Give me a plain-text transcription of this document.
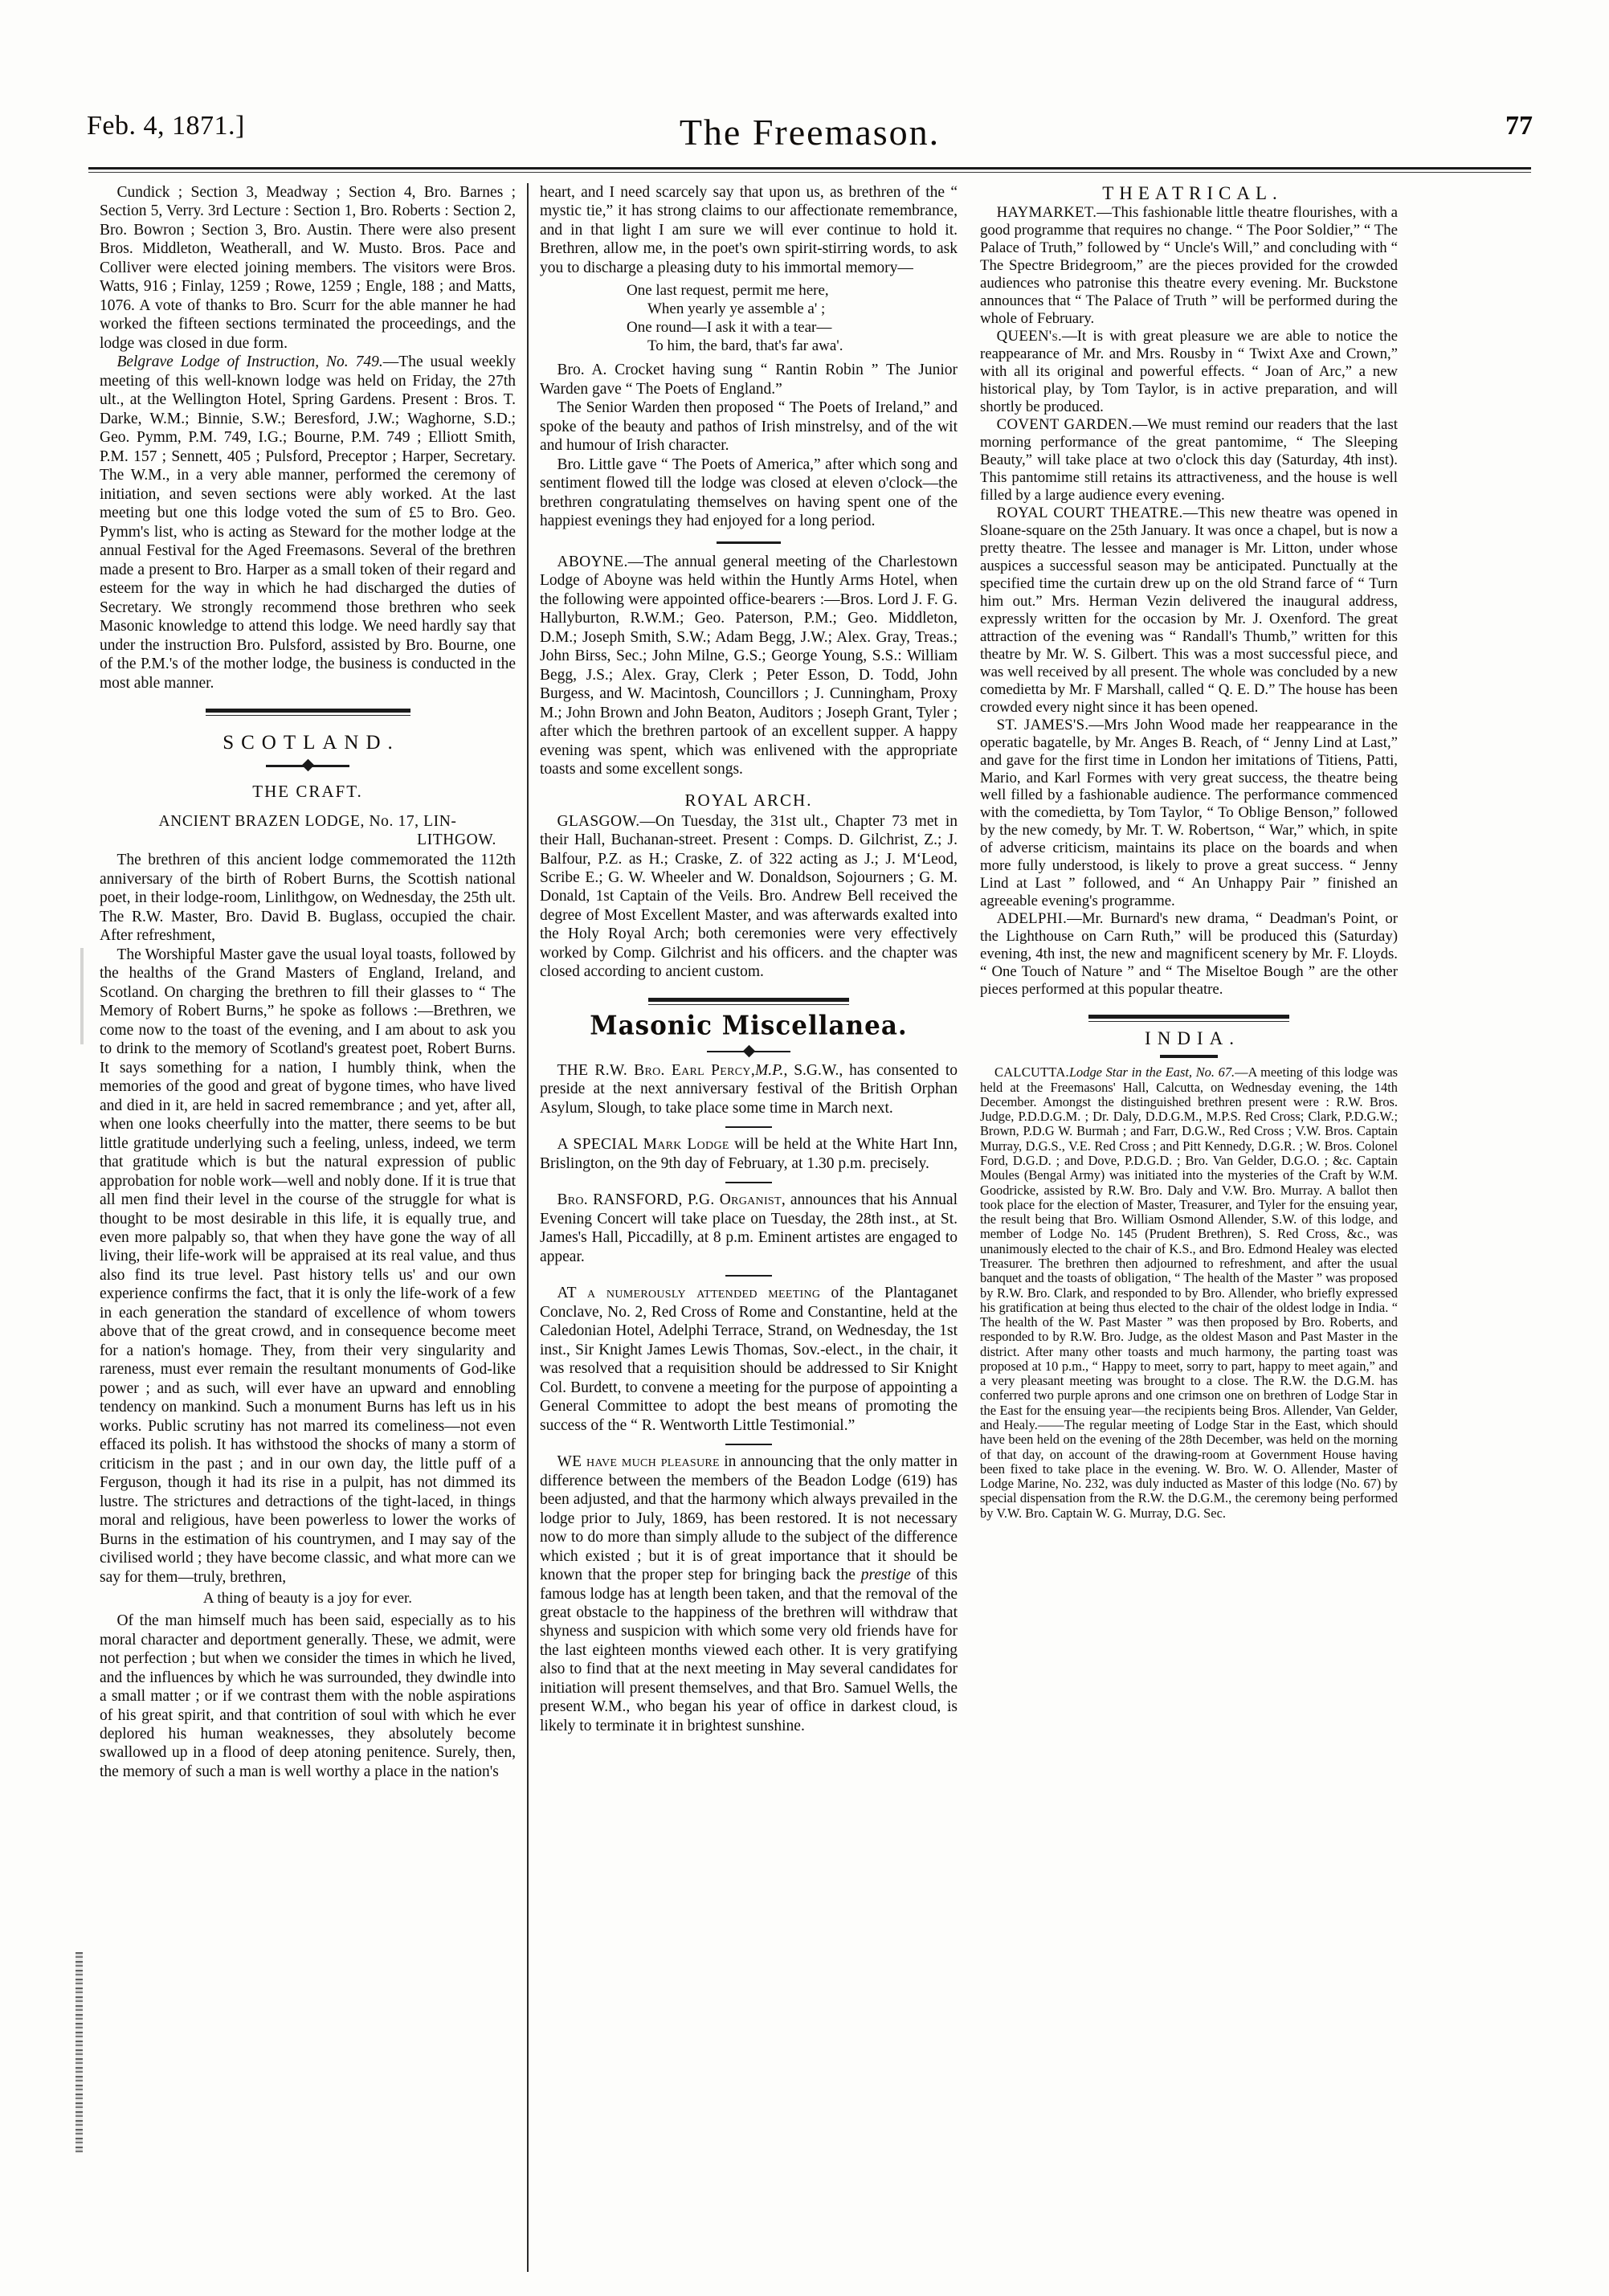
Feb. 4, 1871.]	The Freemason.	77

Cundick ; Section 3, Meadway ; Section 4, Bro. Barnes ; Section 5, Verry. 3rd Lecture : Section 1, Bro. Roberts : Section 2, Bro. Bowron ; Section 3, Bro. Austin. There were also present Bros. Middleton, Weatherall, and W. Musto. Bros. Pace and Colliver were elected joining members. The visitors were Bros. Watts, 916 ; Finlay, 1259 ; Rowe, 1259 ; Engle, 188 ; and Matts, 1076. A vote of thanks to Bro. Scurr for the able manner he had worked the fifteen sections terminated the proceedings, and the lodge was closed in due form.

Belgrave Lodge of Instruction, No. 749.—The usual weekly meeting of this well-known lodge was held on Friday, the 27th ult., at the Wellington Hotel, Spring Gardens. Present : Bros. T. Darke, W.M.; Binnie, S.W.; Beresford, J.W.; Waghorne, S.D.; Geo. Pymm, P.M. 749, I.G.; Bourne, P.M. 749 ; Elliott Smith, P.M. 157 ; Sennett, 405 ; Pulsford, Preceptor ; Harper, Secretary. The W.M., in a very able manner, performed the ceremony of initiation, and seven sections were ably worked. At the last meeting but one this lodge voted the sum of £5 to Bro. Geo. Pymm's list, who is acting as Steward for the mother lodge at the annual Festival for the Aged Freemasons. Several of the brethren made a present to Bro. Harper as a small token of their regard and esteem for the way in which he had discharged the duties of Secretary. We strongly recommend those brethren who seek Masonic knowledge to attend this lodge. We need hardly say that under the instruction Bro. Pulsford, assisted by Bro. Bourne, one of the P.M.'s of the mother lodge, the business is conducted in the most able manner.

SCOTLAND.
THE CRAFT.
ANCIENT BRAZEN LODGE, No. 17, LIN-
LITHGOW.

The brethren of this ancient lodge commemorated the 112th anniversary of the birth of Robert Burns, the Scottish national poet, in their lodge-room, Linlithgow, on Wednesday, the 25th ult. The R.W. Master, Bro. David B. Buglass, occupied the chair. After refreshment,

The Worshipful Master gave the usual loyal toasts, followed by the healths of the Grand Masters of England, Ireland, and Scotland. On charging the brethren to fill their glasses to “ The Memory of Robert Burns,” he spoke as follows :—Brethren, we come now to the toast of the evening, and I am about to ask you to drink to the memory of Scotland's greatest poet, Robert Burns. It says something for a nation, I humbly think, when the memories of the good and great of bygone times, who have lived and died in it, are held in sacred remembrance ; and yet, after all, when one looks cheerfully into the matter, there seems to be but little gratitude underlying such a feeling, unless, indeed, we term that gratitude which is but the natural expression of public approbation for noble work—well and nobly done. If it is true that all men find their level in the course of the struggle for what is thought to be most desirable in this life, it is equally true, and even more palpably so, that when they have gone the way of all living, their life-work will be appraised at its real value, and thus also find its true level. Past history tells us' and our own experience confirms the fact, that it is only the life-work of a few in each generation the standard of excellence of whom towers above that of the great crowd, and in consequence become meet for a nation's homage. They, from their very singularity and rareness, must ever remain the resultant monuments of God-like power ; and as such, will ever have an upward and ennobling tendency on mankind. Such a monument Burns has left us in his works. Public scrutiny has not marred its comeliness—not even effaced its polish. It has withstood the shocks of many a storm of criticism in the past ; and in our own day, the little puff of a Ferguson, though it had its rise in a pulpit, has not dimmed its lustre. The strictures and detractions of the tight-laced, in things moral and religious, have been powerless to lower the works of Burns in the estimation of his countrymen, and I may say of the civilised world ; they have become classic, and what more can we say for them—truly, brethren,

A thing of beauty is a joy for ever.

Of the man himself much has been said, especially as to his moral character and deportment generally. These, we admit, were not perfection ; but when we consider the times in which he lived, and the influences by which he was surrounded, they dwindle into a small matter ; or if we contrast them with the noble aspirations of his great spirit, and that contrition of soul with which he ever deplored his human weaknesses, they absolutely become swallowed up in a flood of deep atoning penitence. Surely, then, the memory of such a man is well worthy a place in the nation's

heart, and I need scarcely say that upon us, as brethren of the “ mystic tie,” it has strong claims to our affectionate remembrance, and in that light I am sure we will ever continue to hold it. Brethren, allow me, in the poet's own spirit-stirring words, to ask you to discharge a pleasing duty to his immortal memory—

One last request, permit me here,
When yearly ye assemble a' ;
One round—I ask it with a tear—
To him, the bard, that's far awa'.

Bro. A. Crocket having sung “ Rantin Robin ” The Junior Warden gave “ The Poets of England.”

The Senior Warden then proposed “ The Poets of Ireland,” and spoke of the beauty and pathos of Irish minstrelsy, and of the wit and humour of Irish character.

Bro. Little gave “ The Poets of America,” after which song and sentiment flowed till the lodge was closed at eleven o'clock—the brethren congratulating themselves on having spent one of the happiest evenings they had enjoyed for a long period.

ABOYNE.—The annual general meeting of the Charlestown Lodge of Aboyne was held within the Huntly Arms Hotel, when the following were appointed office-bearers :—Bros. Lord J. F. G. Hallyburton, R.W.M.; Geo. Paterson, P.M.; Geo. Middleton, D.M.; Joseph Smith, S.W.; Adam Begg, J.W.; Alex. Gray, Treas.; John Birss, Sec.; John Milne, G.S.; George Young, S.S.: William Begg, J.S.; Alex. Gray, Clerk ; Peter Esson, D. Todd, John Burgess, and W. Macintosh, Councillors ; J. Cunningham, Proxy M.; John Brown and John Beaton, Auditors ; Joseph Grant, Tyler ; after which the brethren partook of an excellent supper. A happy evening was spent, which was enlivened with the appropriate toasts and some excellent songs.

ROYAL ARCH.

GLASGOW.—On Tuesday, the 31st ult., Chapter 73 met in their Hall, Buchanan-street. Present : Comps. D. Gilchrist, Z.; J. Balfour, P.Z. as H.; Craske, Z. of 322 acting as J.; J. M‘Leod, Scribe E.; G. W. Wheeler and W. Donaldson, Sojourners ; G. M. Donald, 1st Captain of the Veils. Bro. Andrew Bell received the degree of Most Excellent Master, and was afterwards exalted into the Holy Royal Arch; both ceremonies were very effectively worked by Comp. Gilchrist and his officers. and the chapter was closed according to ancient custom.

Masonic Miscellanea.

THE R.W. Bro. Earl Percy,M.P., S.G.W., has consented to preside at the next anniversary festival of the British Orphan Asylum, Slough, to take place some time in March next.

A SPECIAL Mark Lodge will be held at the White Hart Inn, Brislington, on the 9th day of February, at 1.30 p.m. precisely.

Bro. RANSFORD, P.G. Organist, announces that his Annual Evening Concert will take place on Tuesday, the 28th inst., at St. James's Hall, Piccadilly, at 8 p.m. Eminent artistes are engaged to appear.

AT a numerously attended meeting of the Plantaganet Conclave, No. 2, Red Cross of Rome and Constantine, held at the Caledonian Hotel, Adelphi Terrace, Strand, on Wednesday, the 1st inst., Sir Knight James Lewis Thomas, Sov.-elect., in the chair, it was resolved that a requisition should be addressed to Sir Knight Col. Burdett, to convene a meeting for the purpose of appointing a General Committee to adopt the best means of promoting the success of the “ R. Wentworth Little Testimonial.”

WE have much pleasure in announcing that the only matter in difference between the members of the Beadon Lodge (619) has been adjusted, and that the harmony which always prevailed in the lodge prior to July, 1869, has been restored. It is not necessary now to do more than simply allude to the subject of the difference which existed ; but it is of great importance that it should be known that the proper step for bringing back the prestige of this famous lodge has at length been taken, and that the removal of the great obstacle to the happiness of the brethren will withdraw that shyness and suspicion with which some very old friends have for the last eighteen months viewed each other. It is very gratifying also to find that at the next meeting in May several candidates for initiation will present themselves, and that Bro. Samuel Wells, the present W.M., who began his year of office in darkest cloud, is likely to terminate it in brightest sunshine.

THEATRICAL.

HAYMARKET.—This fashionable little theatre flourishes, with a good programme that requires no change. “ The Poor Soldier,” “ The Palace of Truth,” followed by “ Uncle's Will,” and concluding with “ The Spectre Bridegroom,” are the pieces provided for the crowded audiences who patronise this theatre every evening. Mr. Buckstone announces that “ The Palace of Truth ” will be performed during the whole of February.

QUEEN's.—It is with great pleasure we are able to notice the reappearance of Mr. and Mrs. Rousby in “ Twixt Axe and Crown,” with all its original and powerful effects. “ Joan of Arc,” a new historical play, by Tom Taylor, is in active preparation, and will shortly be produced.

COVENT GARDEN.—We must remind our readers that the last morning performance of the great pantomime, “ The Sleeping Beauty,” will take place at two o'clock this day (Saturday, 4th inst). This pantomime still retains its attractiveness, and the house is well filled by a large audience every evening.

ROYAL COURT THEATRE.—This new theatre was opened in Sloane-square on the 25th January. It was once a chapel, but is now a pretty theatre. The lessee and manager is Mr. Litton, under whose auspices a successful season may be anticipated. Punctually at the specified time the curtain drew up on the old Strand farce of “ Turn him out.” Mrs. Herman Vezin delivered the inaugural address, expressly written for the occasion by Mr. J. Oxenford. The great attraction of the evening was “ Randall's Thumb,” written for this theatre by Mr. W. S. Gilbert. This was a most successful piece, and was well received by all present. The whole was concluded by a new comedietta by Mr. F Marshall, called “ Q. E. D.” The house has been crowded every night since it has been opened.

ST. JAMES'S.—Mrs John Wood made her reappearance in the operatic bagatelle, by Mr. Anges B. Reach, of “ Jenny Lind at Last,” and gave for the first time in London her imitations of Titiens, Patti, Mario, and Karl Formes with very great success, the theatre being well filled by a fashionable audience. The performance commenced with the comedietta, by Tom Taylor, “ To Oblige Benson,” followed by the new comedy, by Mr. T. W. Robertson, “ War,” which, in spite of adverse criticism, maintains its place on the boards and when more fully understood, is likely to prove a great success. “ Jenny Lind at Last ” followed, and “ An Unhappy Pair ” finished an agreeable evening's programme.

ADELPHI.—Mr. Burnard's new drama, “ Deadman's Point, or the Lighthouse on Carn Ruth,” will be produced this (Saturday) evening, 4th inst, the new and magnificent scenery by Mr. F. Lloyds. “ One Touch of Nature ” and “ The Miseltoe Bough ” are the other pieces performed at this popular theatre.

INDIA.

CALCUTTA.Lodge Star in the East, No. 67.—A meeting of this lodge was held at the Freemasons' Hall, Calcutta, on Wednesday evening, the 14th December. Amongst the distinguished brethren present were : R.W. Bros. Judge, P.D.D.G.M. ; Dr. Daly, D.D.G.M., M.P.S. Red Cross; Clark, P.D.G.W.; Brown, P.D.G W. Burmah ; and Farr, D.G.W., Red Cross ; V.W. Bros. Captain Murray, D.G.S., V.E. Red Cross ; and Pitt Kennedy, D.G.R. ; W. Bros. Colonel Ford, D.G.D. ; and Dove, P.D.G.D. ; Bro. Van Gelder, D.G.O. ; &c. Captain Moules (Bengal Army) was initiated into the mysteries of the Craft by W.M. Goodricke, assisted by R.W. Bro. Daly and V.W. Bro. Murray. A ballot then took place for the election of Master, Treasurer, and Tyler for the ensuing year, the result being that Bro. William Osmond Allender, S.W. of this lodge, and member of Lodge No. 145 (Prudent Brethren), S. Red Cross, &c., was unanimously elected to the chair of K.S., and Bro. Edmond Healey was elected Treasurer. The brethren then adjourned to refreshment, and after the usual banquet and the toasts of obligation, “ The health of the Master ” was proposed by R.W. Bro. Clark, and responded to by Bro. Allender, who briefly expressed his gratification at being thus elected to the chair of the oldest lodge in India. “ The health of the W. Past Master ” was then proposed by Bro. Roberts, and responded to by R.W. Bro. Judge, as the oldest Mason and Past Master in the district. After many other toasts and much harmony, the parting toast was proposed at 10 p.m., “ Happy to meet, sorry to part, happy to meet again,” and a very pleasant meeting was brought to a close. The R.W. the D.G.M. has conferred two purple aprons and one crimson one on brethren of Lodge Star in the East for the ensuing year—the recipients being Bros. Allender, Van Gelder, and Healy.——The regular meeting of Lodge Star in the East, which should have been held on the evening of the 28th December, was held on the morning of that day, on account of the drawing-room at Government House having been fixed to take place in the evening. W. Bro. W. O. Allender, Master of Lodge Marine, No. 232, was duly inducted as Master of this lodge (No. 67) by special dispensation from the R.W. the D.G.M., the ceremony being performed by V.W. Bro. Captain W. G. Murray, D.G. Sec.
